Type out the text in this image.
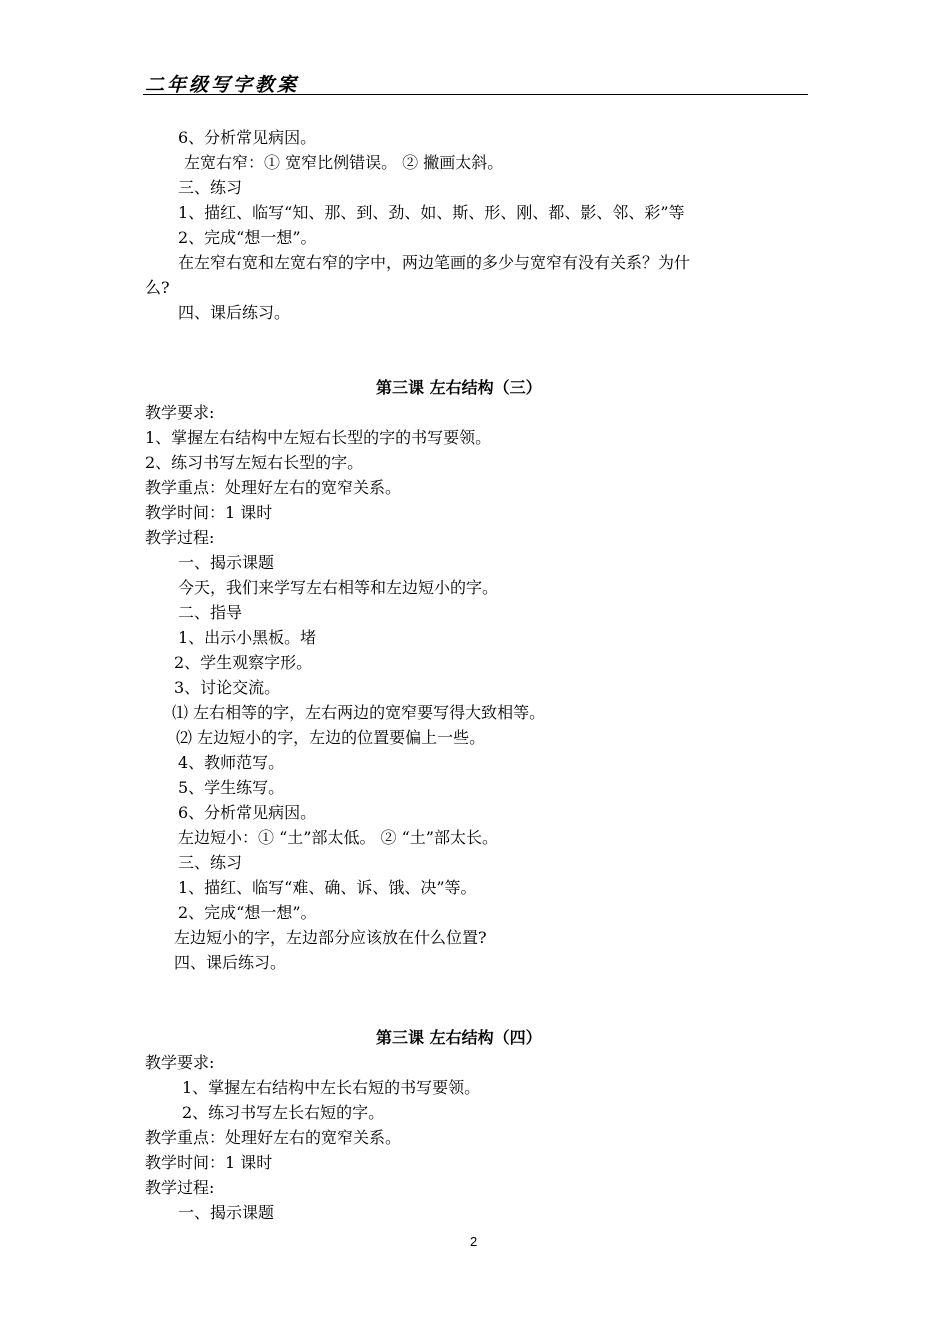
二年级写字教案
6、分析常见病因。
左宽右窄：① 宽窄比例错误。 ② 撇画太斜。
三、练习
1、描红、临写“知、那、到、劲、如、斯、形、刚、都、影、邻、彩”等
2、完成“想一想”。
在左窄右宽和左宽右窄的字中，两边笔画的多少与宽窄有没有关系？为什
么?
四、课后练习。
第三课 左右结构（三）
教学要求:
1、掌握左右结构中左短右长型的字的书写要领。
2、练习书写左短右长型的字。
教学重点：处理好左右的宽窄关系。
教学时间：1 课时
教学过程:
一、揭示课题
今天，我们来学写左右相等和左边短小的字。
二、指导
1、出示小黑板。堵
2、学生观察字形。
3、讨论交流。
⑴ 左右相等的字，左右两边的宽窄要写得大致相等。
⑵ 左边短小的字，左边的位置要偏上一些。
4、教师范写。
5、学生练写。
6、分析常见病因。
左边短小：① “土”部太低。 ② “土”部太长。
三、练习
1、描红、临写“难、确、诉、饿、决”等。
2、完成“想一想”。
左边短小的字，左边部分应该放在什么位置?
四、课后练习。
第三课 左右结构（四）
教学要求:
1、掌握左右结构中左长右短的书写要领。
2、练习书写左长右短的字。
教学重点：处理好左右的宽窄关系。
教学时间：1 课时
教学过程:
一、揭示课题
2
